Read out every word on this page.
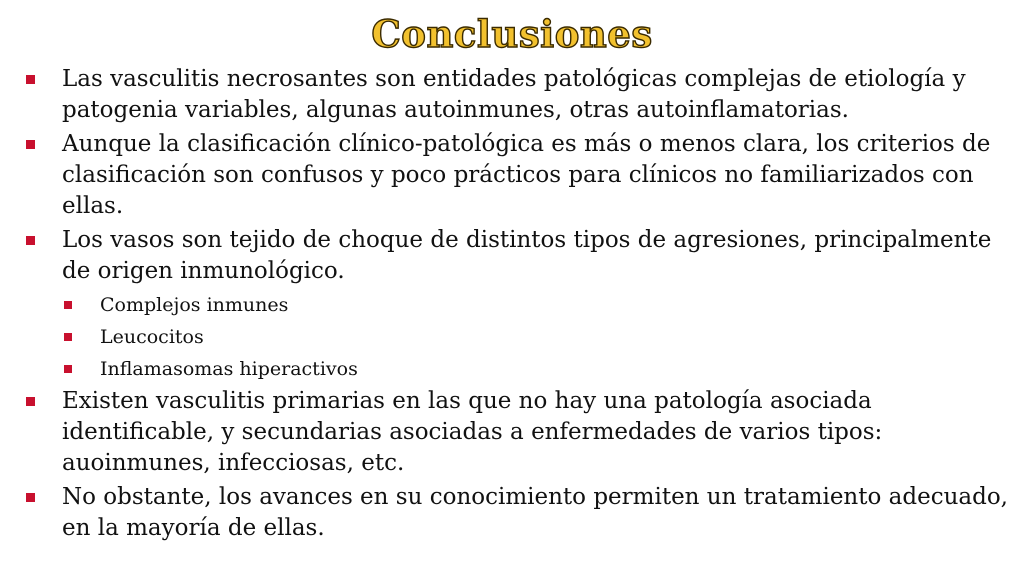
Conclusiones
Las vasculitis necrosantes son entidades patológicas complejas de etiología y patogenia variables, algunas autoinmunes, otras autoinflamatorias.
Aunque la clasificación clínico-patológica es más o menos clara, los criterios de clasificación son confusos y poco prácticos para clínicos no familiarizados con ellas.
Los vasos son tejido de choque de distintos tipos de agresiones, principalmente de origen inmunológico.
Complejos inmunes
Leucocitos
Inflamasomas hiperactivos
Existen vasculitis primarias en las que no hay una patología asociada identificable, y secundarias asociadas a enfermedades de varios tipos: auoinmunes, infecciosas, etc.
No obstante, los avances en su conocimiento permiten un tratamiento adecuado, en la mayoría de ellas.
